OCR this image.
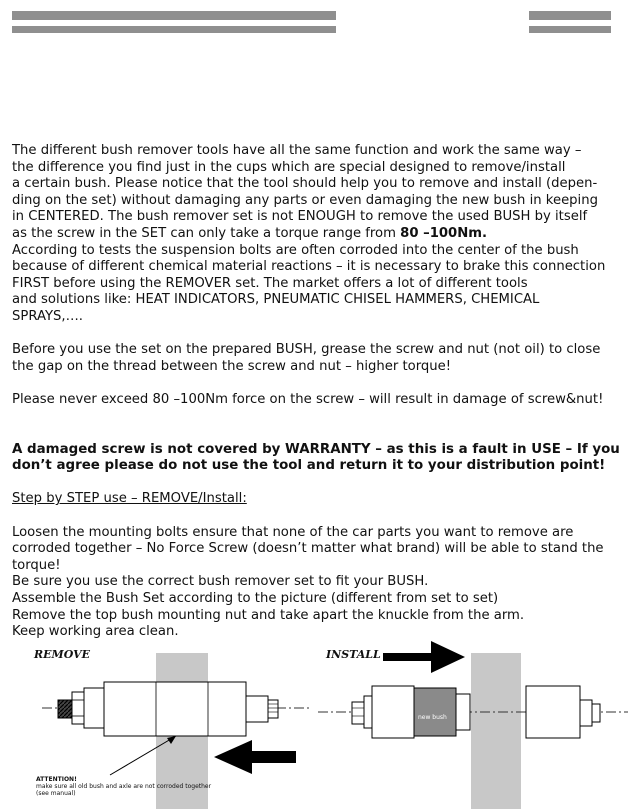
The different bush remover tools have all the same function and work the same way –
the difference you find just in the cups which are special designed to remove/install
a certain bush. Please notice that the tool should help you to remove and install (depen-
ding on the set) without damaging any parts or even damaging the new bush in keeping
in CENTERED. The bush remover set is not ENOUGH to remove the used BUSH by itself
as the screw in the SET can only take a torque range from 80 –100Nm.
According to tests the suspension bolts are often corroded into the center of the bush
because of different chemical material reactions – it is necessary to brake this connection
FIRST before using the REMOVER set. The market offers a lot of different tools
and solutions like: HEAT INDICATORS, PNEUMATIC CHISEL HAMMERS, CHEMICAL
SPRAYS,….
Before you use the set on the prepared BUSH, grease the screw and nut (not oil) to close
the gap on the thread between the screw and nut – higher torque!
Please never exceed 80 –100Nm force on the screw – will result in damage of screw&nut!
A damaged screw is not covered by WARRANTY – as this is a fault in USE – If you
don’t agree please do not use the tool and return it to your distribution point!
Step by STEP use – REMOVE/Install:
Loosen the mounting bolts ensure that none of the car parts you want to remove are
corroded together – No Force Screw (doesn’t matter what brand) will be able to stand the
torque!
Be sure you use the correct bush remover set to fit your BUSH.
Assemble the Bush Set according to the picture (different from set to set)
Remove the top bush mounting nut and take apart the knuckle from the arm.
Keep working area clean.
REMOVE	INSTALL
new bush
ATTENTION!
make sure all old bush and axle are not corroded together
(see manual)
